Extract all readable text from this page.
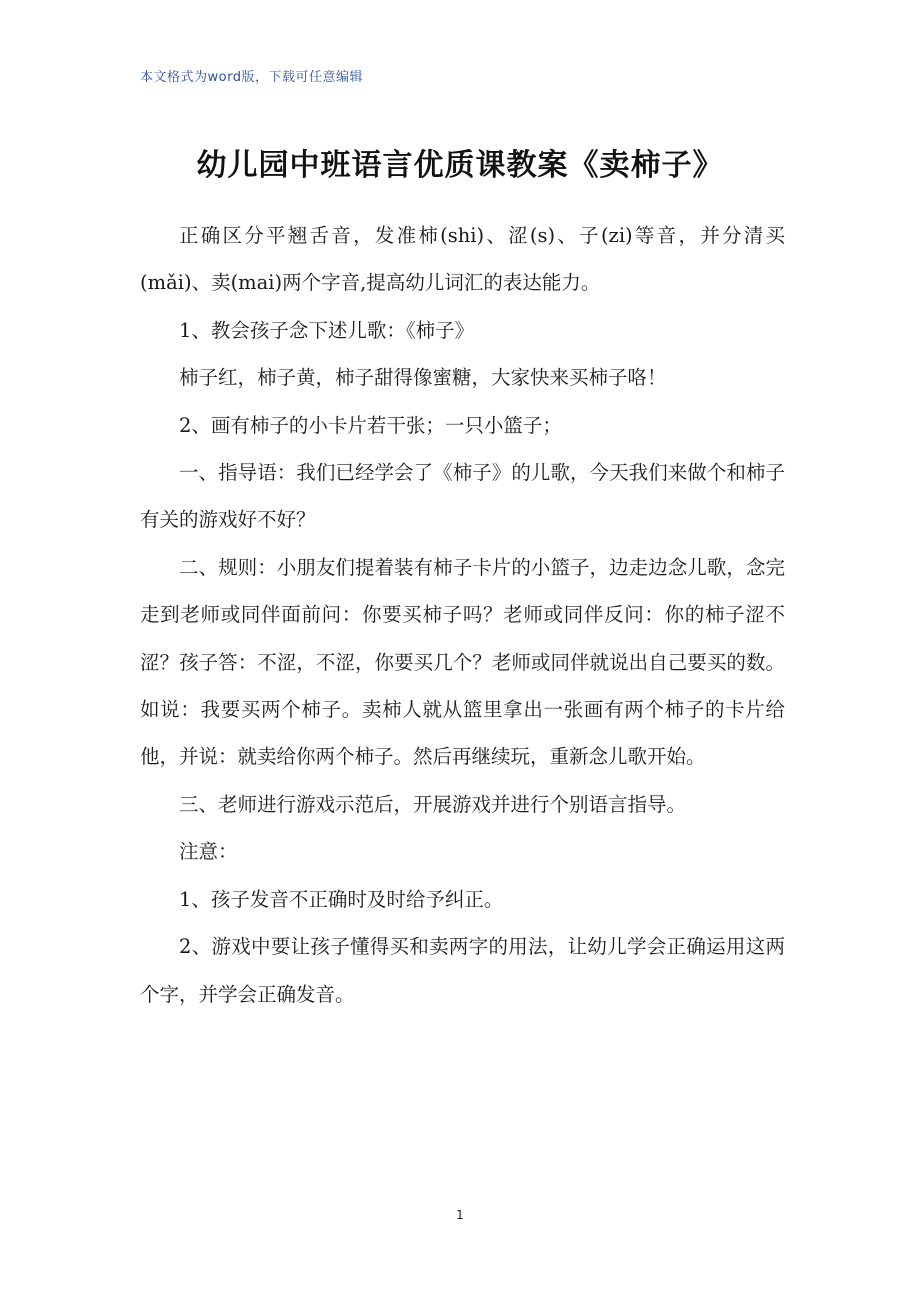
本文格式为word版，下载可任意编辑
幼儿园中班语言优质课教案《卖柿子》

正确区分平翘舌音，发准柿(shi)、涩(s)、子(zi)等音，并分清买(mǎi)、卖(mai)两个字音,提高幼儿词汇的表达能力。

1、教会孩子念下述儿歌：《柿子》

柿子红，柿子黄，柿子甜得像蜜糖，大家快来买柿子咯！

2、画有柿子的小卡片若干张；一只小篮子；

一、指导语：我们已经学会了《柿子》的儿歌，今天我们来做个和柿子有关的游戏好不好？

二、规则：小朋友们提着装有柿子卡片的小篮子，边走边念儿歌，念完走到老师或同伴面前问：你要买柿子吗？老师或同伴反问：你的柿子涩不涩？孩子答：不涩，不涩，你要买几个？老师或同伴就说出自己要买的数。如说：我要买两个柿子。卖柿人就从篮里拿出一张画有两个柿子的卡片给他，并说：就卖给你两个柿子。然后再继续玩，重新念儿歌开始。

三、老师进行游戏示范后，开展游戏并进行个别语言指导。

注意：

1、孩子发音不正确时及时给予纠正。

2、游戏中要让孩子懂得买和卖两字的用法，让幼儿学会正确运用这两个字，并学会正确发音。

1
